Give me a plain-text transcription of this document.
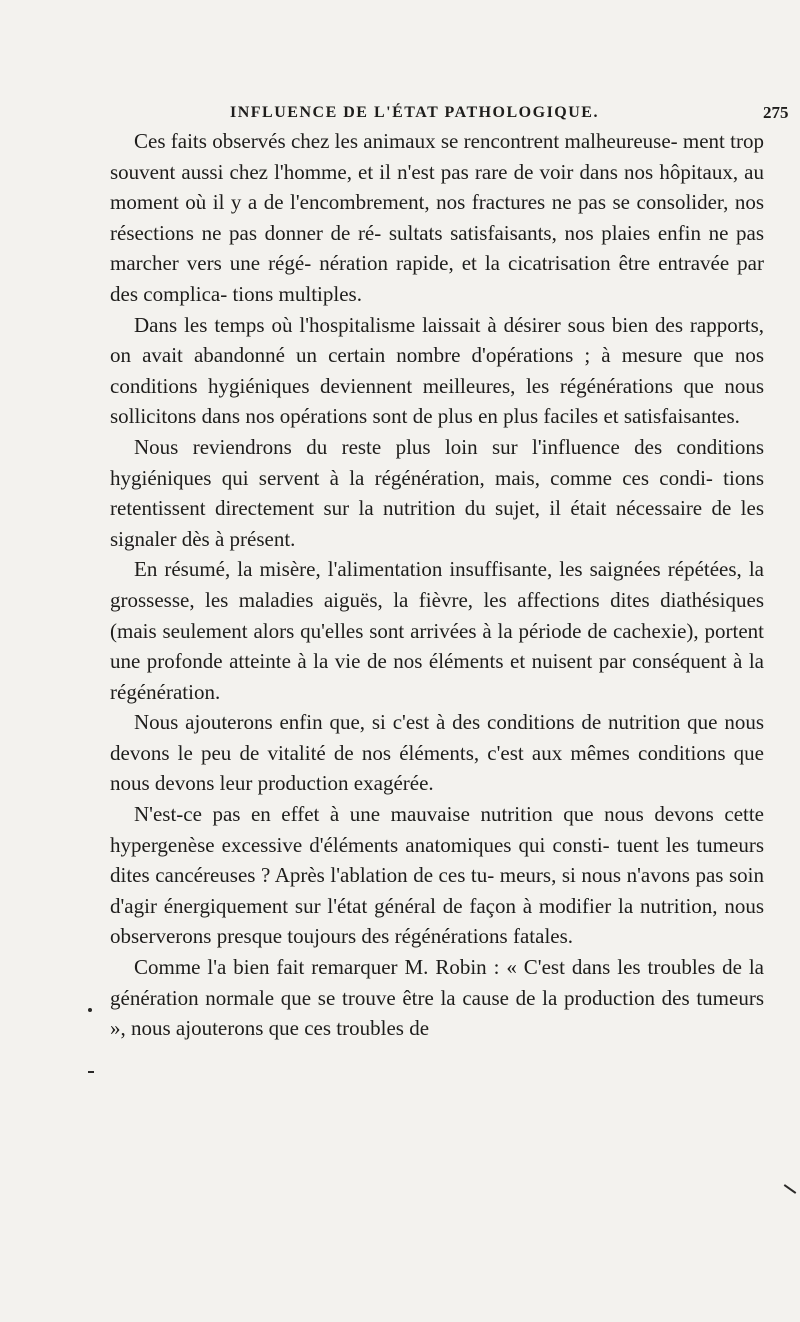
INFLUENCE DE L'ÉTAT PATHOLOGIQUE.	275

Ces faits observés chez les animaux se rencontrent malheureuse- ment trop souvent aussi chez l'homme, et il n'est pas rare de voir dans nos hôpitaux, au moment où il y a de l'encombrement, nos fractures ne pas se consolider, nos résections ne pas donner de ré- sultats satisfaisants, nos plaies enfin ne pas marcher vers une régé- nération rapide, et la cicatrisation être entravée par des complica- tions multiples.

Dans les temps où l'hospitalisme laissait à désirer sous bien des rapports, on avait abandonné un certain nombre d'opérations ; à mesure que nos conditions hygiéniques deviennent meilleures, les régénérations que nous sollicitons dans nos opérations sont de plus en plus faciles et satisfaisantes.

Nous reviendrons du reste plus loin sur l'influence des conditions hygiéniques qui servent à la régénération, mais, comme ces condi- tions retentissent directement sur la nutrition du sujet, il était nécessaire de les signaler dès à présent.

En résumé, la misère, l'alimentation insuffisante, les saignées répétées, la grossesse, les maladies aiguës, la fièvre, les affections dites diathésiques (mais seulement alors qu'elles sont arrivées à la période de cachexie), portent une profonde atteinte à la vie de nos éléments et nuisent par conséquent à la régénération.

Nous ajouterons enfin que, si c'est à des conditions de nutrition que nous devons le peu de vitalité de nos éléments, c'est aux mêmes conditions que nous devons leur production exagérée.

N'est-ce pas en effet à une mauvaise nutrition que nous devons cette hypergenèse excessive d'éléments anatomiques qui consti- tuent les tumeurs dites cancéreuses ? Après l'ablation de ces tu- meurs, si nous n'avons pas soin d'agir énergiquement sur l'état général de façon à modifier la nutrition, nous observerons presque toujours des régénérations fatales.

Comme l'a bien fait remarquer M. Robin : « C'est dans les troubles de la génération normale que se trouve être la cause de la production des tumeurs », nous ajouterons que ces troubles de
